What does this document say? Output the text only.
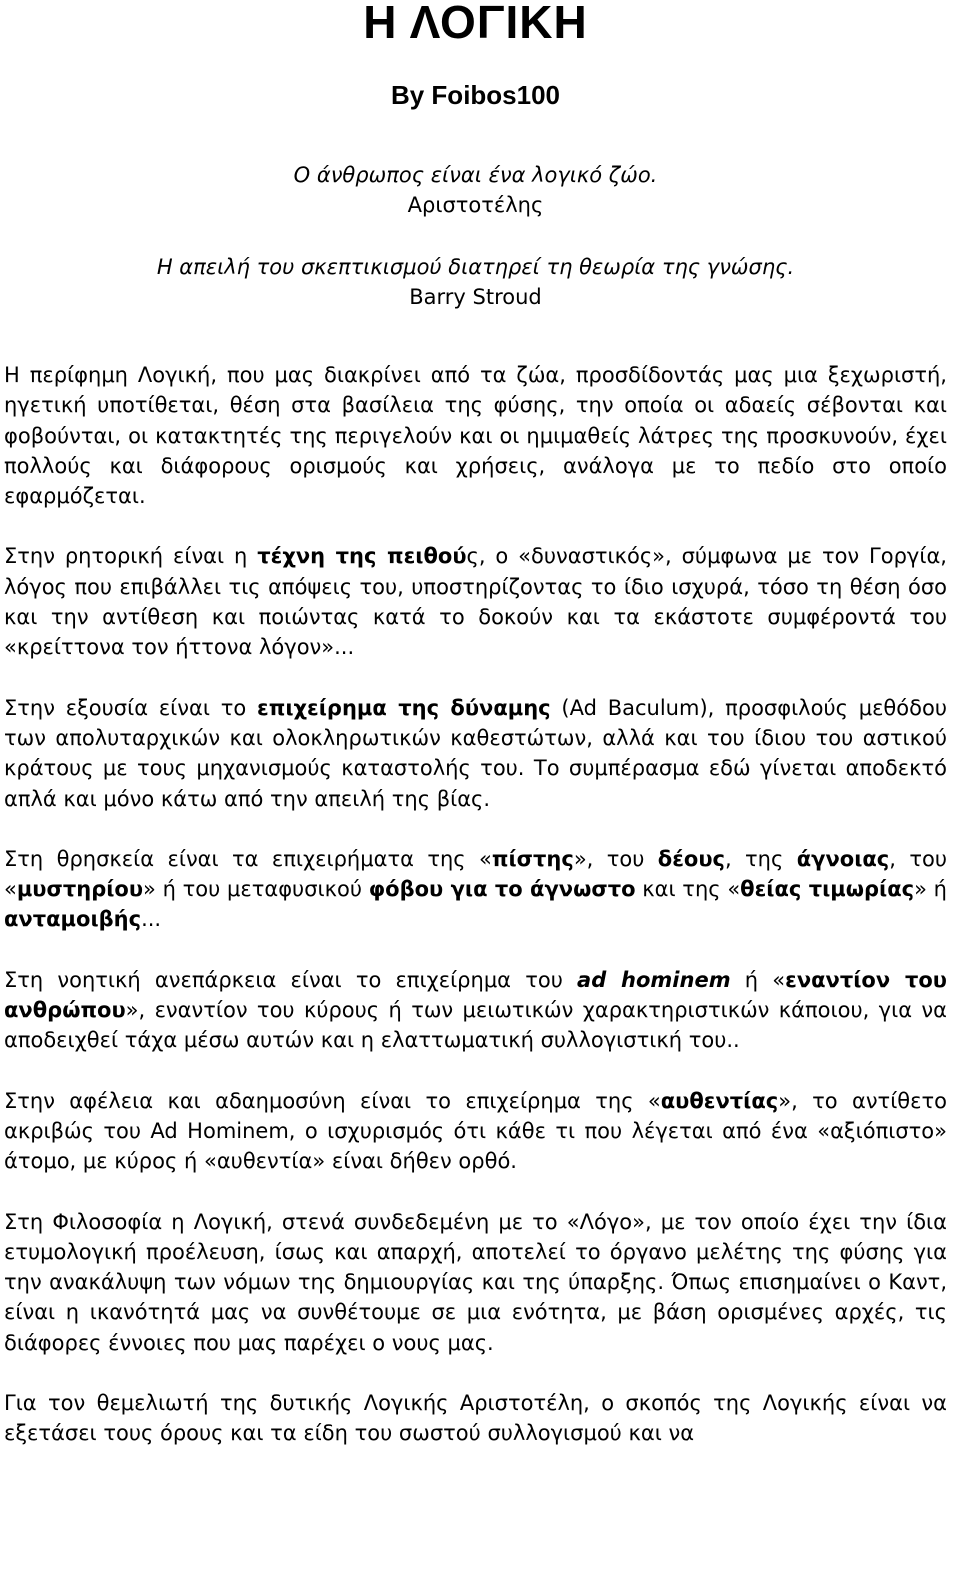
Η ΛΟΓΙΚΗ
By Foibos100
Ο άνθρωπος είναι ένα λογικό ζώο.
Αριστοτέλης
Η απειλή του σκεπτικισμού διατηρεί τη θεωρία της γνώσης.
Barry Stroud

Η περίφημη Λογική, που μας διακρίνει από τα ζώα, προσδίδοντάς μας μια ξεχωριστή, ηγετική υποτίθεται, θέση στα βασίλεια της φύσης, την οποία οι αδαείς σέβονται και φοβούνται, οι κατακτητές της περιγελούν και οι ημιμαθείς λάτρες της προσκυνούν, έχει πολλούς και διάφορους ορισμούς και χρήσεις, ανάλογα με το πεδίο στο οποίο εφαρμόζεται.

Στην ρητορική είναι η τέχνη της πειθούς, ο «δυναστικός», σύμφωνα με τον Γοργία, λόγος που επιβάλλει τις απόψεις του, υποστηρίζοντας το ίδιο ισχυρά, τόσο τη θέση όσο και την αντίθεση και ποιώντας κατά το δοκούν και τα εκάστοτε συμφέροντά του «κρείττονα τον ήττονα λόγον»...

Στην εξουσία είναι το επιχείρημα της δύναμης (Ad Baculum), προσφιλούς μεθόδου των απολυταρχικών και ολοκληρωτικών καθεστώτων, αλλά και του ίδιου του αστικού κράτους με τους μηχανισμούς καταστολής του. Το συμπέρασμα εδώ γίνεται αποδεκτό απλά και μόνο κάτω από την απειλή της βίας.

Στη θρησκεία είναι τα επιχειρήματα της «πίστης», του δέους, της άγνοιας, του «μυστηρίου» ή του μεταφυσικού φόβου για το άγνωστο και της «θείας τιμωρίας» ή ανταμοιβής...

Στη νοητική ανεπάρκεια είναι το επιχείρημα του ad hominem ή «εναντίον του ανθρώπου», εναντίον του κύρους ή των μειωτικών χαρακτηριστικών κάποιου, για να αποδειχθεί τάχα μέσω αυτών και η ελαττωματική συλλογιστική του..

Στην αφέλεια και αδαημοσύνη είναι το επιχείρημα της «αυθεντίας», το αντίθετο ακριβώς του Ad Hominem, ο ισχυρισμός ότι κάθε τι που λέγεται από ένα «αξιόπιστο» άτομο, με κύρος ή «αυθεντία» είναι δήθεν ορθό.

Στη Φιλοσοφία η Λογική, στενά συνδεδεμένη με το «Λόγο», με τον οποίο έχει την ίδια ετυμολογική προέλευση, ίσως και απαρχή, αποτελεί το όργανο μελέτης της φύσης για την ανακάλυψη των νόμων της δημιουργίας και της ύπαρξης. Όπως επισημαίνει ο Καντ, είναι η ικανότητά μας να συνθέτουμε σε μια ενότητα, με βάση ορισμένες αρχές, τις διάφορες έννοιες που μας παρέχει ο νους μας.

Για τον θεμελιωτή της δυτικής Λογικής Αριστοτέλη, ο σκοπός της Λογικής είναι να εξετάσει τους όρους και τα είδη του σωστού συλλογισμού και να
